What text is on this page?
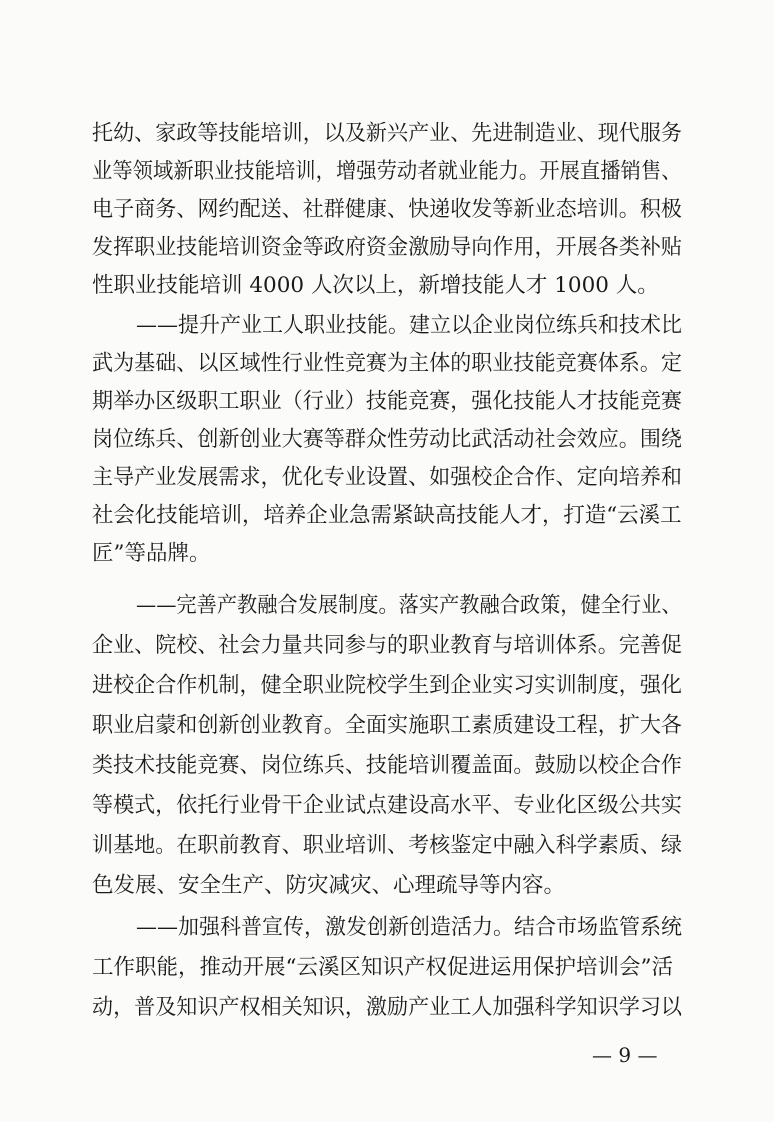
托幼、家政等技能培训，以及新兴产业、先进制造业、现代服务
业等领域新职业技能培训，增强劳动者就业能力。开展直播销售、
电子商务、网约配送、社群健康、快递收发等新业态培训。积极
发挥职业技能培训资金等政府资金激励导向作用，开展各类补贴
性职业技能培训 4000 人次以上，新增技能人才 1000 人。
——提升产业工人职业技能。建立以企业岗位练兵和技术比
武为基础、以区域性行业性竞赛为主体的职业技能竞赛体系。定
期举办区级职工职业（行业）技能竞赛，强化技能人才技能竞赛
岗位练兵、创新创业大赛等群众性劳动比武活动社会效应。围绕
主导产业发展需求，优化专业设置、如强校企合作、定向培养和
社会化技能培训，培养企业急需紧缺高技能人才，打造“云溪工
匠”等品牌。
——完善产教融合发展制度。落实产教融合政策，健全行业、
企业、院校、社会力量共同参与的职业教育与培训体系。完善促
进校企合作机制，健全职业院校学生到企业实习实训制度，强化
职业启蒙和创新创业教育。全面实施职工素质建设工程，扩大各
类技术技能竞赛、岗位练兵、技能培训覆盖面。鼓励以校企合作
等模式，依托行业骨干企业试点建设高水平、专业化区级公共实
训基地。在职前教育、职业培训、考核鉴定中融入科学素质、绿
色发展、安全生产、防灾减灾、心理疏导等内容。
——加强科普宣传，激发创新创造活力。结合市场监管系统
工作职能，推动开展“云溪区知识产权促进运用保护培训会”活
动，普及知识产权相关知识，激励产业工人加强科学知识学习以
— 9 —
